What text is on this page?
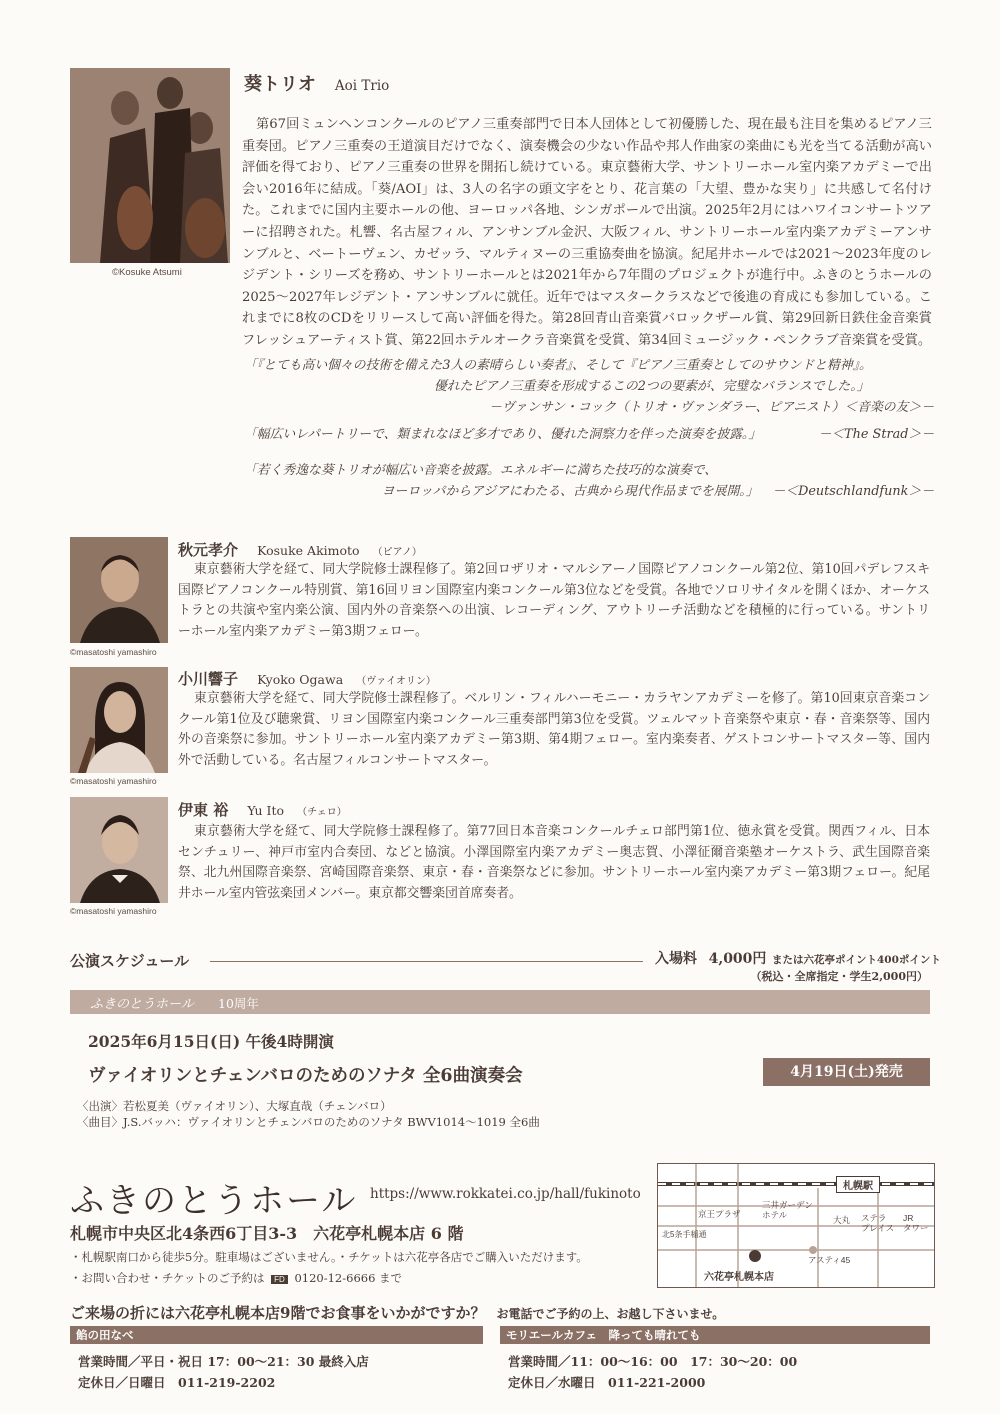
©Kosuke Atsumi
葵トリオ Aoi Trio
第67回ミュンヘンコンクールのピアノ三重奏部門で日本人団体として初優勝した、現在最も注目を集めるピアノ三重奏団。ピアノ三重奏の王道演目だけでなく、演奏機会の少ない作品や邦人作曲家の楽曲にも光を当てる活動が高い評価を得ており、ピアノ三重奏の世界を開拓し続けている。東京藝術大学、サントリーホール室内楽アカデミーで出会い2016年に結成。「葵/AOI」は、3人の名字の頭文字をとり、花言葉の「大望、豊かな実り」に共感して名付けた。これまでに国内主要ホールの他、ヨーロッパ各地、シンガポールで出演。2025年2月にはハワイコンサートツアーに招聘された。札響、名古屋フィル、アンサンブル金沢、大阪フィル、サントリーホール室内楽アカデミーアンサンブルと、ベートーヴェン、カゼッラ、マルティヌーの三重協奏曲を協演。紀尾井ホールでは2021～2023年度のレジデント・シリーズを務め、サントリーホールとは2021年から7年間のプロジェクトが進行中。ふきのとうホールの2025～2027年レジデント・アンサンブルに就任。近年ではマスタークラスなどで後進の育成にも参加している。これまでに8枚のCDをリリースして高い評価を得た。第28回青山音楽賞バロックザール賞、第29回新日鉄住金音楽賞フレッシュアーティスト賞、第22回ホテルオークラ音楽賞を受賞、第34回ミュージック・ペンクラブ音楽賞を受賞。
「『とても高い個々の技術を備えた3人の素晴らしい奏者』、そして『ピアノ三重奏としてのサウンドと精神』。
優れたピアノ三重奏を形成するこの2つの要素が、完璧なバランスでした。」
－ヴァンサン・コック（トリオ・ヴァンダラー、ピアニスト）＜音楽の友＞－
「幅広いレパートリーで、類まれなほど多才であり、優れた洞察力を伴った演奏を披露。」	－＜The Strad＞－
「若く秀逸な葵トリオが幅広い音楽を披露。エネルギーに満ちた技巧的な演奏で、
ヨーロッパからアジアにわたる、古典から現代作品までを展開。」 －＜Deutschlandfunk＞－
©masatoshi yamashiro
秋元孝介 Kosuke Akimoto （ピアノ）
東京藝術大学を経て、同大学院修士課程修了。第2回ロザリオ・マルシアーノ国際ピアノコンクール第2位、第10回パデレフスキ国際ピアノコンクール特別賞、第16回リヨン国際室内楽コンクール第3位などを受賞。各地でソロリサイタルを開くほか、オーケストラとの共演や室内楽公演、国内外の音楽祭への出演、レコーディング、アウトリーチ活動などを積極的に行っている。サントリーホール室内楽アカデミー第3期フェロー。
©masatoshi yamashiro
小川響子 Kyoko Ogawa （ヴァイオリン）
東京藝術大学を経て、同大学院修士課程修了。ベルリン・フィルハーモニー・カラヤンアカデミーを修了。第10回東京音楽コンクール第1位及び聴衆賞、リヨン国際室内楽コンクール三重奏部門第3位を受賞。ツェルマット音楽祭や東京・春・音楽祭等、国内外の音楽祭に参加。サントリーホール室内楽アカデミー第3期、第4期フェロー。室内楽奏者、ゲストコンサートマスター等、国内外で活動している。名古屋フィルコンサートマスター。
©masatoshi yamashiro
伊東 裕 Yu Ito （チェロ）
東京藝術大学を経て、同大学院修士課程修了。第77回日本音楽コンクールチェロ部門第1位、徳永賞を受賞。関西フィル、日本センチュリー、神戸市室内合奏団、などと協演。小澤国際室内楽アカデミー奥志賀、小澤征爾音楽塾オーケストラ、武生国際音楽祭、北九州国際音楽祭、宮崎国際音楽祭、東京・春・音楽祭などに参加。サントリーホール室内楽アカデミー第3期フェロー。紀尾井ホール室内管弦楽団メンバー。東京都交響楽団首席奏者。
公演スケジュール	入場料 4,000円 または六花亭ポイント400ポイント
（税込・全席指定・学生2,000円）
ふきのとうホール 10周年
2025年6月15日(日) 午後4時開演
ヴァイオリンとチェンバロのためのソナタ 全6曲演奏会	4月19日(土)発売
〈出演〉若松夏美（ヴァイオリン）、大塚直哉（チェンバロ）
〈曲目〉J.S.バッハ：ヴァイオリンとチェンバロのためのソナタ BWV1014～1019 全6曲
ふきのとうホール https://www.rokkatei.co.jp/hall/fukinoto
札幌市中央区北4条西6丁目3-3　六花亭札幌本店 6 階
・札幌駅南口から徒歩5分。駐車場はございません。・チケットは六花亭各店でご購入いただけます。
・お問い合わせ・チケットのご予約は FD 0120-12-6666 まで
札幌駅
京王プラザ
三井ガーデン
ホテル	大丸 ステラ
プレイス
JR
タワー
北5条手稲通
アスティ45
六花亭札幌本店
ご来場の折には六花亭札幌本店9階でお食事をいかがですか？ お電話でご予約の上、お越し下さいませ。
餡の田なべ
営業時間／平日・祝日 17：00～21：30 最終入店
定休日／日曜日　011-219-2202
モリエールカフェ　降っても晴れても
営業時間／11：00～16：00　17：30～20：00
定休日／水曜日　011-221-2000
